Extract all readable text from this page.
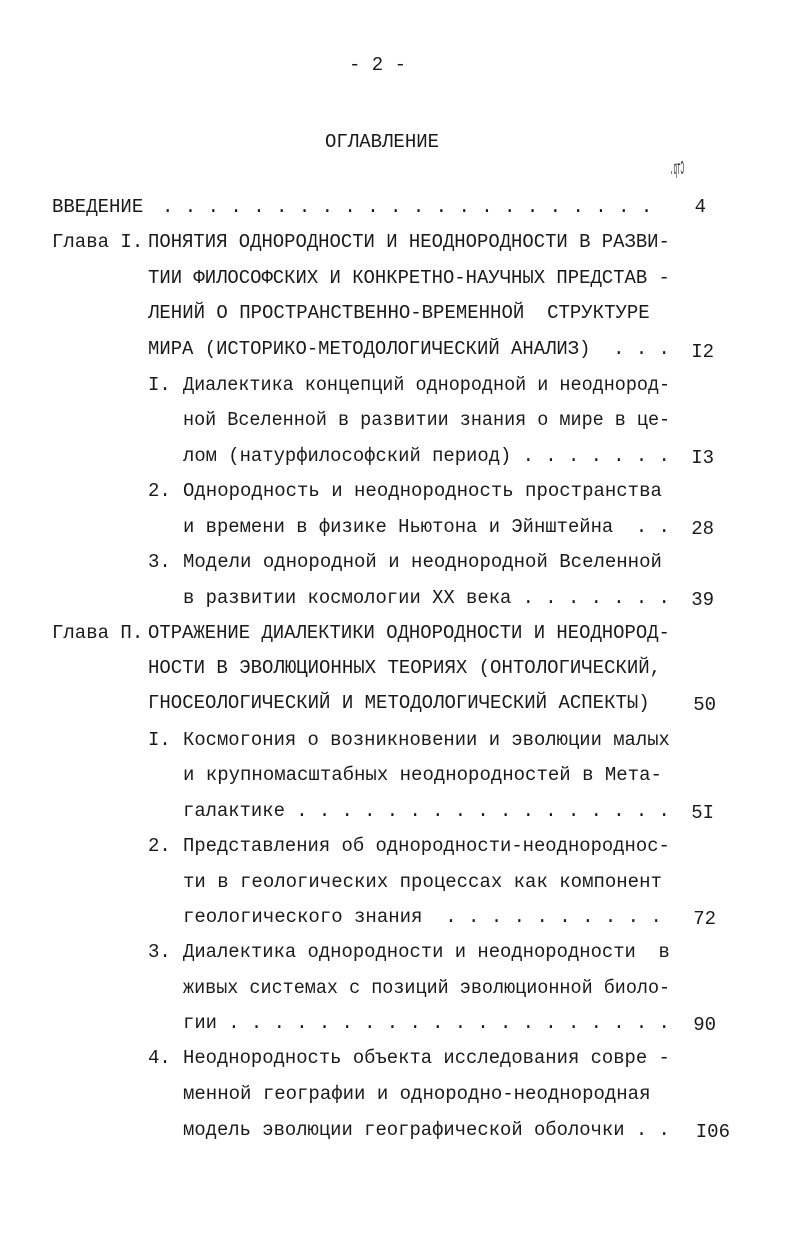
- 2 -
ОГЛАВЛЕНИЕ
Стр.
ВВЕДЕНИЕ . . . . . . . . . . . . . . . . . . . . . .	4
Глава I. ПОНЯТИЯ ОДНОРОДНОСТИ И НЕОДНОРОДНОСТИ В РАЗВИ-
ТИИ ФИЛОСОФСКИХ И КОНКРЕТНО-НАУЧНЫХ ПРЕДСТАВ -
ЛЕНИЙ О ПРОСТРАНСТВЕННО-ВРЕМЕННОЙ  СТРУКТУРЕ
МИРА (ИСТОРИКО-МЕТОДОЛОГИЧЕСКИЙ АНАЛИЗ)  . . .	I2
I. Диалектика концепций однородной и неоднород-
ной Вселенной в развитии знания о мире в це-
лом (натурфилософский период) . . . . . . .	I3
2. Однородность и неоднородность пространства
и времени в физике Ньютона и Эйнштейна  . .	28
3. Модели однородной и неоднородной Вселенной
в развитии космологии XX века . . . . . . .	39
Глава П. ОТРАЖЕНИЕ ДИАЛЕКТИКИ ОДНОРОДНОСТИ И НЕОДНОРОД-
НОСТИ В ЭВОЛЮЦИОННЫХ ТЕОРИЯХ (ОНТОЛОГИЧЕСКИЙ,
ГНОСЕОЛОГИЧЕСКИЙ И МЕТОДОЛОГИЧЕСКИЙ АСПЕКТЫ)	50
I. Космогония о возникновении и эволюции малых
и крупномасштабных неоднородностей в Мета-
галактике . . . . . . . . . . . . . . . . .	5I
2. Представления об однородности-неоднороднос-
ти в геологических процессах как компонент
геологического знания  . . . . . . . . . .	72
3. Диалектика однородности и неоднородности  в
живых системах с позиций эволюционной биоло-
гии . . . . . . . . . . . . . . . . . . . .	90
4. Неоднородность объекта исследования совре -
менной географии и однородно-неоднородная
модель эволюции географической оболочки . .	I06
